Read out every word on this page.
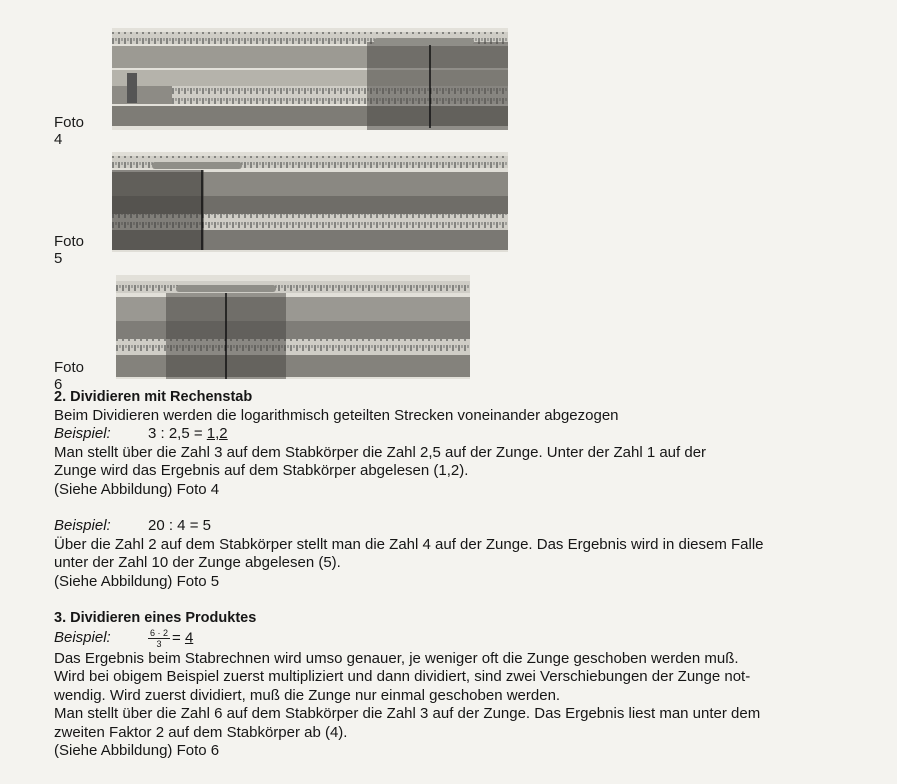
Foto 4
Foto 5
Foto 6

2. Dividieren mit Rechenstab

Beim Dividieren werden die logarithmisch geteilten Strecken voneinander abgezogen

Beispiel: 3 : 2,5 = 1,2

Man stellt über die Zahl 3 auf dem Stabkörper die Zahl 2,5 auf der Zunge. Unter der Zahl 1 auf der

Zunge wird das Ergebnis auf dem Stabkörper abgelesen (1,2).

(Siehe Abbildung) Foto 4

Beispiel: 20 : 4 = 5

Über die Zahl 2 auf dem Stabkörper stellt man die Zahl 4 auf der Zunge. Das Ergebnis wird in diesem Falle

unter der Zahl 10 der Zunge abgelesen (5).

(Siehe Abbildung) Foto 5

3. Dividieren eines Produktes

Beispiel:	$\frac{6 \cdot 2}{3} = 4$

Das Ergebnis beim Stabrechnen wird umso genauer, je weniger oft die Zunge geschoben werden muß.

Wird bei obigem Beispiel zuerst multipliziert und dann dividiert, sind zwei Verschiebungen der Zunge not-

wendig. Wird zuerst dividiert, muß die Zunge nur einmal geschoben werden.

Man stellt über die Zahl 6 auf dem Stabkörper die Zahl 3 auf der Zunge. Das Ergebnis liest man unter dem

zweiten Faktor 2 auf dem Stabkörper ab (4).

(Siehe Abbildung) Foto 6
